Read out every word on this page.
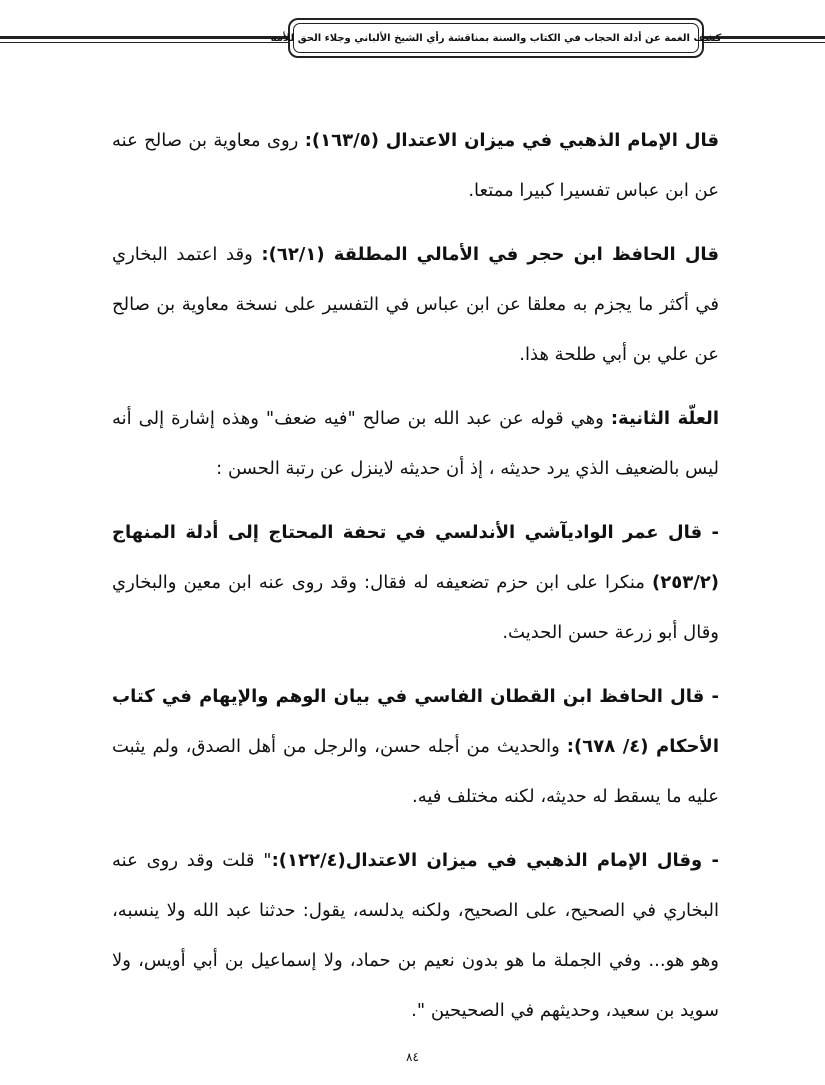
كشف الغمة عن أدلة الحجاب في الكتاب والسنة بمناقشة رأي الشيخ الألباني وجلاء الحق للأمة

قال الإمام الذهبي في ميزان الاعتدال (١٦٣/٥): روى معاوية بن صالح عنه عن ابن عباس تفسيرا كبيرا ممتعا.

قال الحافظ ابن حجر في الأمالي المطلقة (٦٢/١): وقد اعتمد البخاري في أكثر ما يجزم به معلقا عن ابن عباس في التفسير على نسخة معاوية بن صالح عن علي بن أبي طلحة هذا.

العلّة الثانية: وهي قوله عن عبد الله بن صالح "فيه ضعف" وهذه إشارة إلى أنه ليس بالضعيف الذي يرد حديثه ، إذ أن حديثه لاينزل عن رتبة الحسن :

- قال عمر الواديآشي الأندلسي في تحفة المحتاج إلى أدلة المنهاج (٢٥٣/٢) منكرا على ابن حزم تضعيفه له فقال: وقد روى عنه ابن معين والبخاري وقال أبو زرعة حسن الحديث.

- قال الحافظ ابن القطان الفاسي في بيان الوهم والإيهام في كتاب الأحكام (٤/ ٦٧٨): والحديث من أجله حسن، والرجل من أهل الصدق، ولم يثبت عليه ما يسقط له حديثه، لكنه مختلف فيه.

- وقال الإمام الذهبي في ميزان الاعتدال(١٢٢/٤):" قلت وقد روى عنه البخاري في الصحيح، على الصحيح، ولكنه يدلسه، يقول: حدثنا عبد الله ولا ينسبه، وهو هو... وفي الجملة ما هو بدون نعيم بن حماد، ولا إسماعيل بن أبي أويس، ولا سويد بن سعيد، وحديثهم في الصحيحين ".

٨٤
